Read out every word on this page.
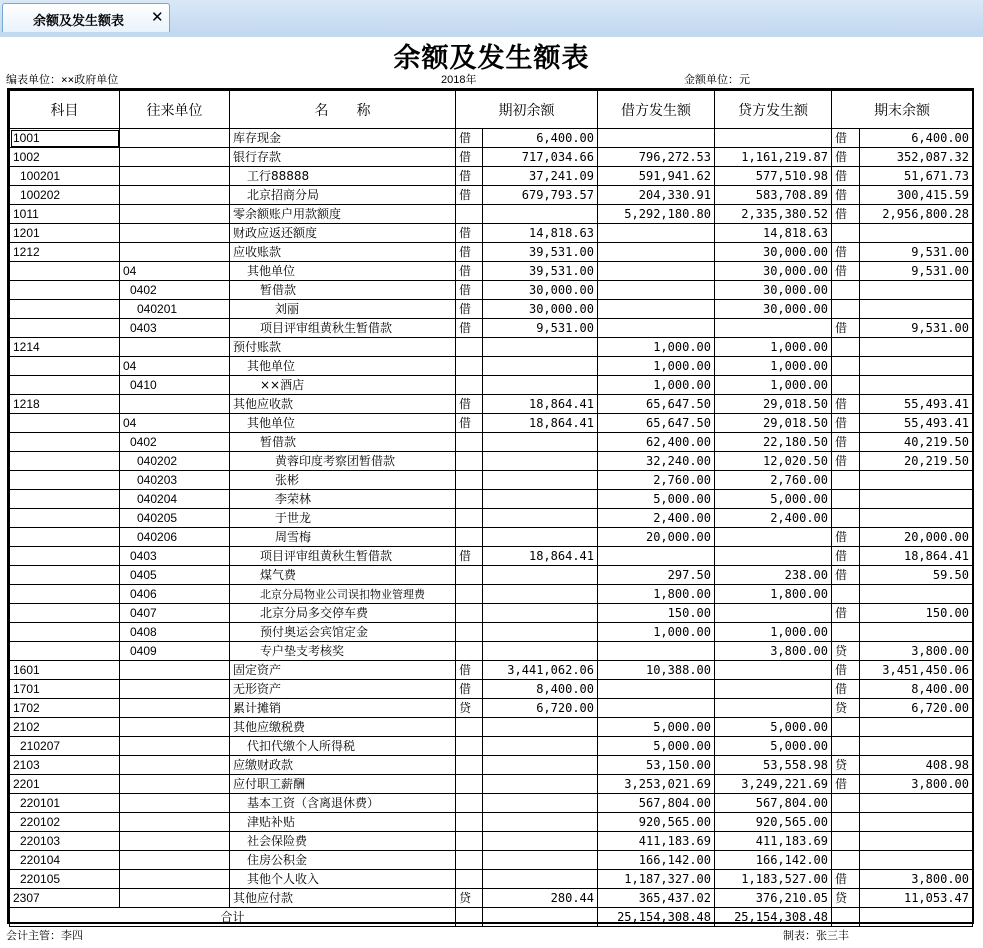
余额及发生额表 ✕
余额及发生额表
编表单位：××政府单位	2018年	金额单位：元
科目	往来单位	名　　称	期初余额		借方发生额	贷方发生额	期末余额	
1001		库存现金	借	6,400.00			借	6,400.00
1002		银行存款	借	717,034.66	796,272.53	1,161,219.87	借	352,087.32
100201		工行88888	借	37,241.09	591,941.62	577,510.98	借	51,671.73
100202		北京招商分局	借	679,793.57	204,330.91	583,708.89	借	300,415.59
1011		零余额账户用款额度			5,292,180.80	2,335,380.52	借	2,956,800.28
1201		财政应返还额度	借	14,818.63		14,818.63		
1212		应收账款	借	39,531.00		30,000.00	借	9,531.00
	04	其他单位	借	39,531.00		30,000.00	借	9,531.00
	0402	暂借款	借	30,000.00		30,000.00		
	040201	刘丽	借	30,000.00		30,000.00		
	0403	项目评审组黄秋生暂借款	借	9,531.00			借	9,531.00
1214		预付账款			1,000.00	1,000.00		
	04	其他单位			1,000.00	1,000.00		
	0410	××酒店			1,000.00	1,000.00		
1218		其他应收款	借	18,864.41	65,647.50	29,018.50	借	55,493.41
	04	其他单位	借	18,864.41	65,647.50	29,018.50	借	55,493.41
	0402	暂借款			62,400.00	22,180.50	借	40,219.50
	040202	黄蓉印度考察团暂借款			32,240.00	12,020.50	借	20,219.50
	040203	张彬			2,760.00	2,760.00		
	040204	李荣林			5,000.00	5,000.00		
	040205	于世龙			2,400.00	2,400.00		
	040206	周雪梅			20,000.00		借	20,000.00
	0403	项目评审组黄秋生暂借款	借	18,864.41			借	18,864.41
	0405	煤气费			297.50	238.00	借	59.50
	0406	北京分局物业公司误扣物业管理费			1,800.00	1,800.00		
	0407	北京分局多交停车费			150.00		借	150.00
	0408	预付奥运会宾馆定金			1,000.00	1,000.00		
	0409	专户垫支考核奖				3,800.00	贷	3,800.00
1601		固定资产	借	3,441,062.06	10,388.00		借	3,451,450.06
1701		无形资产	借	8,400.00			借	8,400.00
1702		累计摊销	贷	6,720.00			贷	6,720.00
2102		其他应缴税费			5,000.00	5,000.00		
210207		代扣代缴个人所得税			5,000.00	5,000.00		
2103		应缴财政款			53,150.00	53,558.98	贷	408.98
2201		应付职工薪酬			3,253,021.69	3,249,221.69	借	3,800.00
220101		基本工资（含离退休费）			567,804.00	567,804.00		
220102		津贴补贴			920,565.00	920,565.00		
220103		社会保险费			411,183.69	411,183.69		
220104		住房公积金			166,142.00	166,142.00		
220105		其他个人收入			1,187,327.00	1,183,527.00	借	3,800.00
2307		其他应付款	贷	280.44	365,437.02	376,210.05	贷	11,053.47
合计					25,154,308.48	25,154,308.48		
会计主管：李四	制表：张三丰
